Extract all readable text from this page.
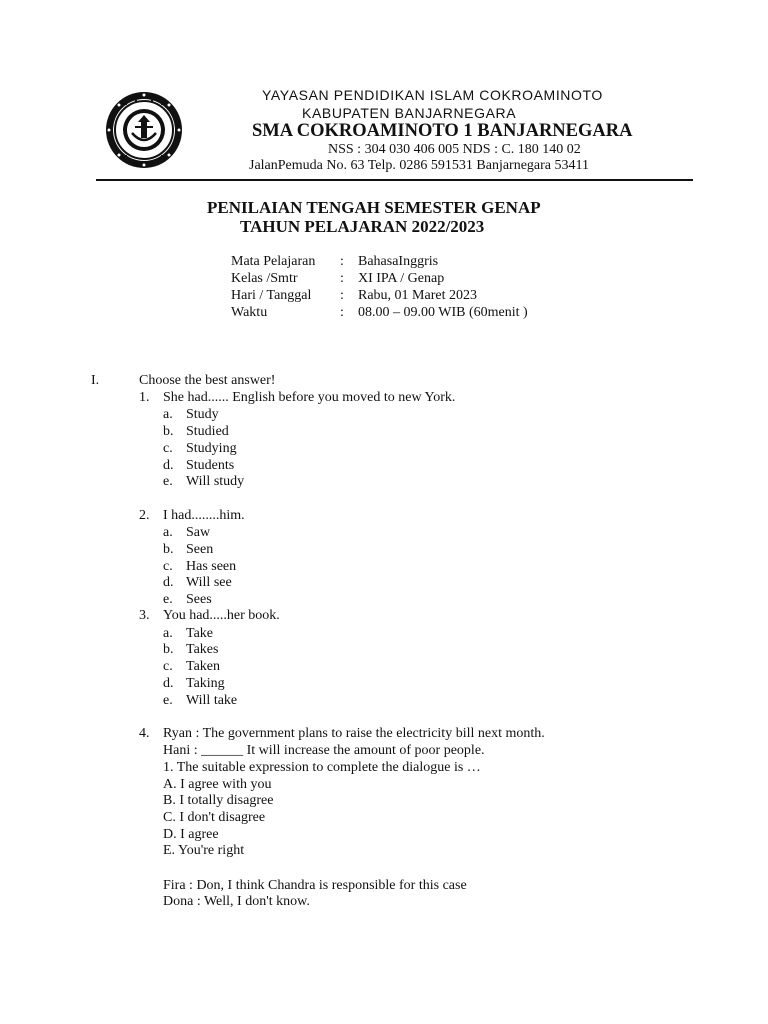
YAYASAN PENDIDIKAN ISLAM COKROAMINOTO
KABUPATEN BANJARNEGARA
SMA COKROAMINOTO 1 BANJARNEGARA
NSS : 304 030 406 005 NDS : C. 180 140 02
JalanPemuda No. 63 Telp. 0286 591531 Banjarnegara 53411
PENILAIAN TENGAH SEMESTER GENAP
TAHUN PELAJARAN 2022/2023
Mata Pelajaran : BahasaInggris
Kelas /Smtr	: XI IPA / Genap
Hari / Tanggal : Rabu, 01 Maret 2023
Waktu	: 08.00 – 09.00 WIB (60menit )
I.	Choose the best answer!
1. She had...... English before you moved to new York.
a. Study
b. Studied
c. Studying
d. Students
e. Will study
2. I had........him.
a. Saw
b. Seen
c. Has seen
d. Will see
e. Sees
3. You had.....her book.
a. Take
b. Takes
c. Taken
d. Taking
e. Will take
4. Ryan : The government plans to raise the electricity bill next month.
Hani : ______ It will increase the amount of poor people.
1. The suitable expression to complete the dialogue is …
A. I agree with you
B. I totally disagree
C. I don't disagree
D. I agree
E. You're right
Fira : Don, I think Chandra is responsible for this case
Dona : Well, I don't know.
